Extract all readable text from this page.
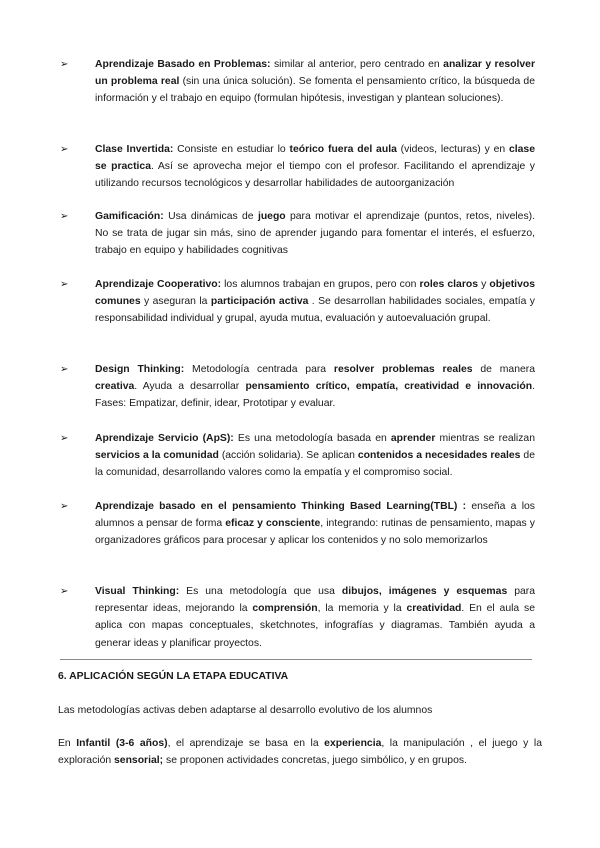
➢	Aprendizaje Basado en Problemas: similar al anterior, pero centrado en analizar y resolver un problema real (sin una única solución). Se fomenta el pensamiento crítico, la búsqueda de información y el trabajo en equipo (formulan hipótesis, investigan y plantean soluciones).

➢	Clase Invertida: Consiste en estudiar lo teórico fuera del aula (videos, lecturas) y en clase se practica. Así se aprovecha mejor el tiempo con el profesor. Facilitando el aprendizaje y utilizando recursos tecnológicos y desarrollar habilidades de autoorganización

➢	Gamificación: Usa dinámicas de juego para motivar el aprendizaje (puntos, retos, niveles). No se trata de jugar sin más, sino de aprender jugando para fomentar el interés, el esfuerzo, trabajo en equipo y habilidades cognitivas

➢	Aprendizaje Cooperativo: los alumnos trabajan en grupos, pero con roles claros y objetivos comunes y aseguran la participación activa . Se desarrollan habilidades sociales, empatía y responsabilidad individual y grupal, ayuda mutua, evaluación y autoevaluación grupal.

➢	Design Thinking: Metodología centrada para resolver problemas reales de manera creativa. Ayuda a desarrollar pensamiento crítico, empatía, creatividad e innovación. Fases: Empatizar, definir, idear, Prototipar y evaluar.

➢	Aprendizaje Servicio (ApS): Es una metodología basada en aprender mientras se realizan servicios a la comunidad (acción solidaria). Se aplican contenidos a necesidades reales de la comunidad, desarrollando valores como la empatía y el compromiso social.

➢	Aprendizaje basado en el pensamiento Thinking Based Learning(TBL) : enseña a los alumnos a pensar de forma eficaz y consciente, integrando: rutinas de pensamiento, mapas y organizadores gráficos para procesar y aplicar los contenidos y no solo memorizarlos

➢	Visual Thinking: Es una metodología que usa dibujos, imágenes y esquemas para representar ideas, mejorando la comprensión, la memoria y la creatividad. En el aula se aplica con mapas conceptuales, sketchnotes, infografías y diagramas. También ayuda a generar ideas y planificar proyectos.

6. APLICACIÓN SEGÚN LA ETAPA EDUCATIVA
Las metodologías activas deben adaptarse al desarrollo evolutivo de los alumnos
En Infantil (3-6 años), el aprendizaje se basa en la experiencia, la manipulación , el juego y la exploración sensorial; se proponen actividades concretas, juego simbólico, y en grupos.
